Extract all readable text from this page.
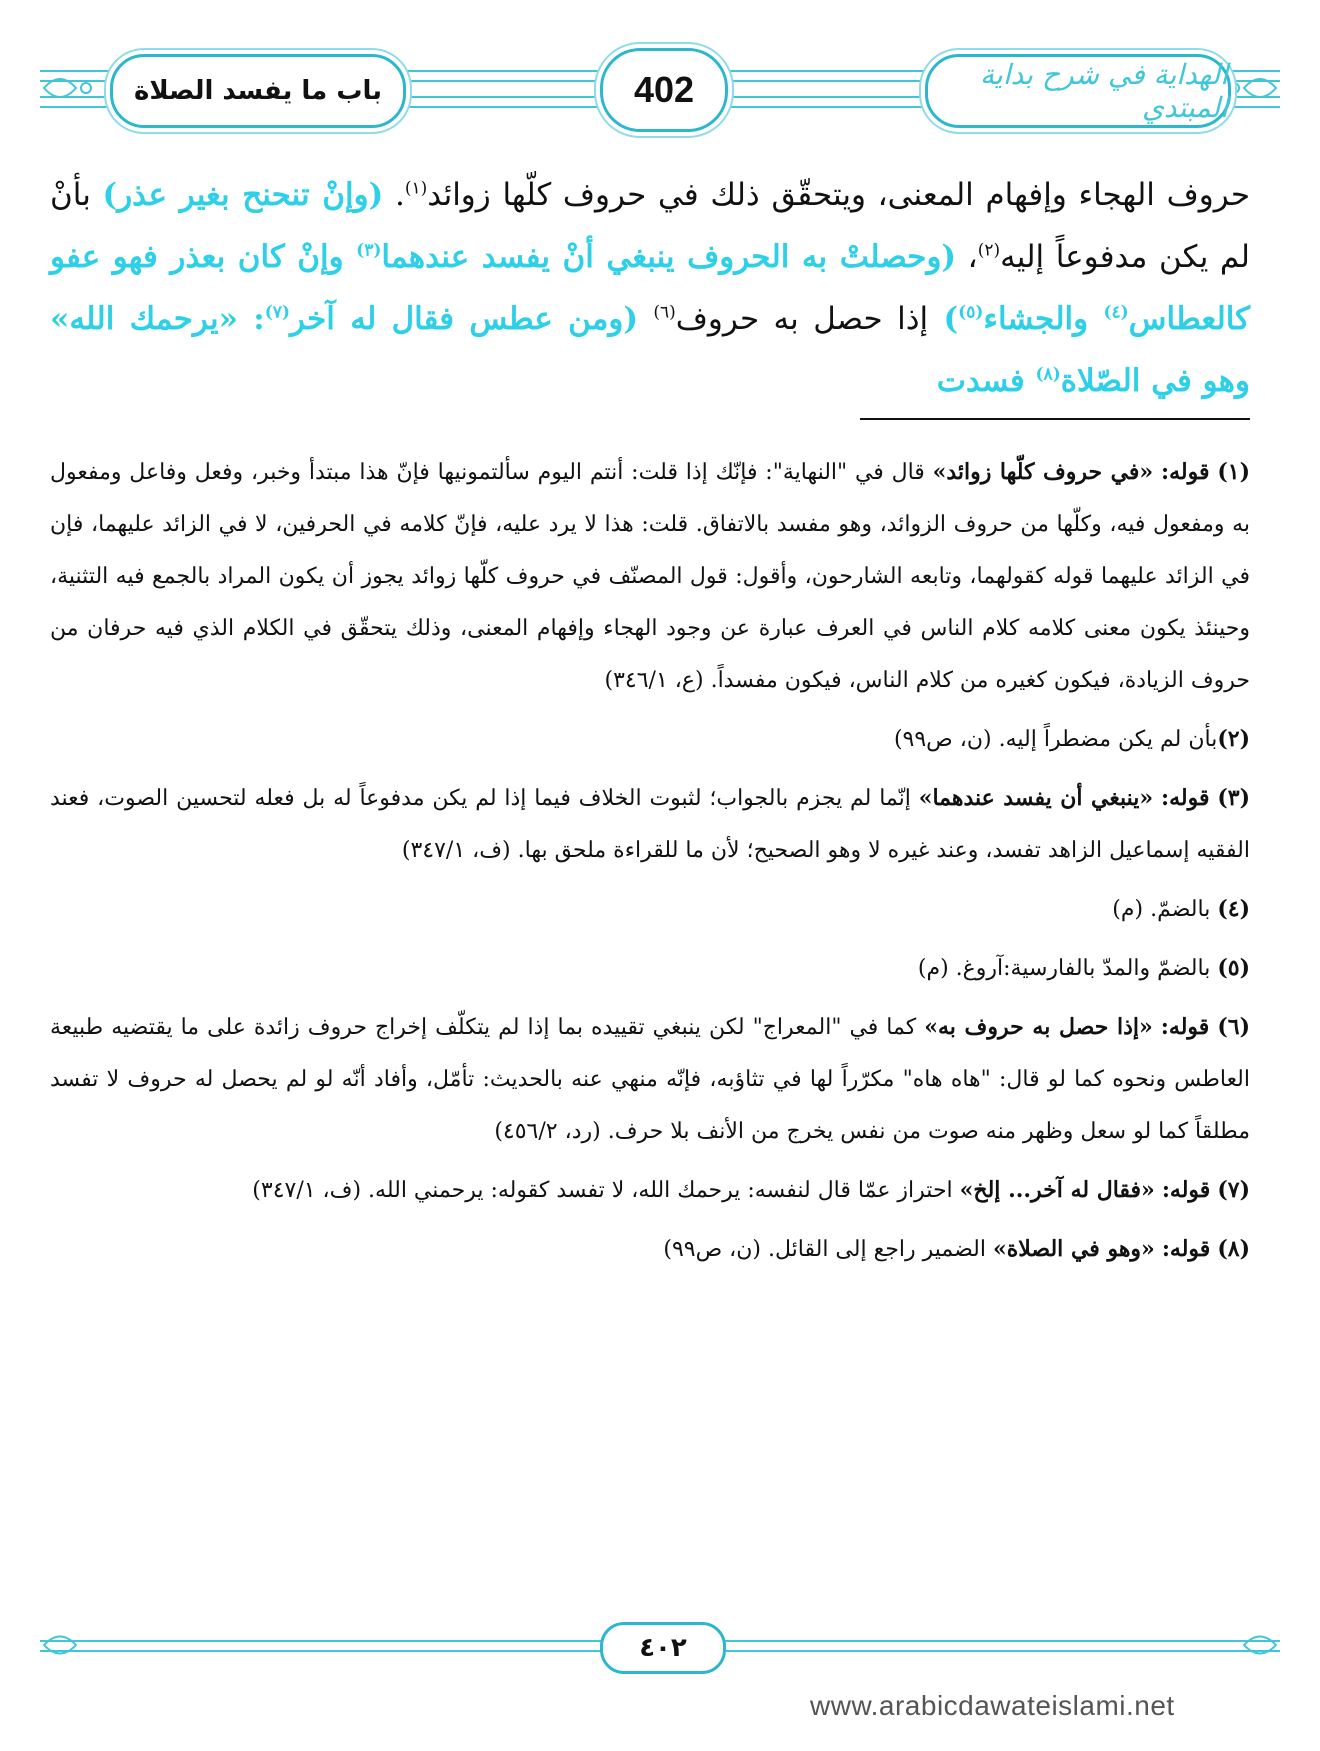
باب ما يفسد الصلاة	402	الهداية في شرح بداية المبتدي
حروف الهجاء وإفهام المعنى، ويتحقّق ذلك في حروف كلّها زوائد$^{(١)}$. (وإنْ تنحنح بغير عذر) بأنْ لم يكن مدفوعاً إليه$^{(٢)}$، (وحصلتْ به الحروف ينبغي أنْ يفسد عندهما$^{(٣)}$ وإنْ كان بعذر فهو عفو كالعطاس$^{(٤)}$ والجشاء$^{(٥)}$) إذا حصل به حروف$^{(٦)}$ (ومن عطس فقال له آخر$^{(٧)}$: «يرحمك الله» وهو في الصّلاة$^{(٨)}$ فسدت

(١) قوله: «في حروف كلّها زوائد» قال في "النهاية": فإنّك إذا قلت: أنتم اليوم سألتمونيها فإنّ هذا مبتدأ وخبر، وفعل وفاعل ومفعول به ومفعول فيه، وكلّها من حروف الزوائد، وهو مفسد بالاتفاق. قلت: هذا لا يرد عليه، فإنّ كلامه في الحرفين، لا في الزائد عليهما، فإن في الزائد عليهما قوله كقولهما، وتابعه الشارحون، وأقول: قول المصنّف في حروف كلّها زوائد يجوز أن يكون المراد بالجمع فيه التثنية، وحينئذ يكون معنى كلامه كلام الناس في العرف عبارة عن وجود الهجاء وإفهام المعنى، وذلك يتحقّق في الكلام الذي فيه حرفان من حروف الزيادة، فيكون كغيره من كلام الناس، فيكون مفسداً. (ع، ٣٤٦/١)

(٢)بأن لم يكن مضطراً إليه. (ن، ص٩٩)

(٣) قوله: «ينبغي أن يفسد عندهما» إنّما لم يجزم بالجواب؛ لثبوت الخلاف فيما إذا لم يكن مدفوعاً له بل فعله لتحسين الصوت، فعند الفقيه إسماعيل الزاهد تفسد، وعند غيره لا وهو الصحيح؛ لأن ما للقراءة ملحق بها. (ف، ٣٤٧/١)

(٤) بالضمّ. (م)

(٥) بالضمّ والمدّ بالفارسية:آروغ. (م)

(٦) قوله: «إذا حصل به حروف به» كما في "المعراج" لكن ينبغي تقييده بما إذا لم يتكلّف إخراج حروف زائدة على ما يقتضيه طبيعة العاطس ونحوه كما لو قال: "هاه هاه" مكرّراً لها في تثاؤبه، فإنّه منهي عنه بالحديث: تأمّل، وأفاد أنّه لو لم يحصل له حروف لا تفسد مطلقاً كما لو سعل وظهر منه صوت من نفس يخرج من الأنف بلا حرف. (رد، ٤٥٦/٢)

(٧) قوله: «فقال له آخر... إلخ» احتراز عمّا قال لنفسه: يرحمك الله، لا تفسد كقوله: يرحمني الله. (ف، ٣٤٧/١)

(٨) قوله: «وهو في الصلاة» الضمير راجع إلى القائل. (ن، ص٩٩)

٤٠٢
www.arabicdawateislami.net
